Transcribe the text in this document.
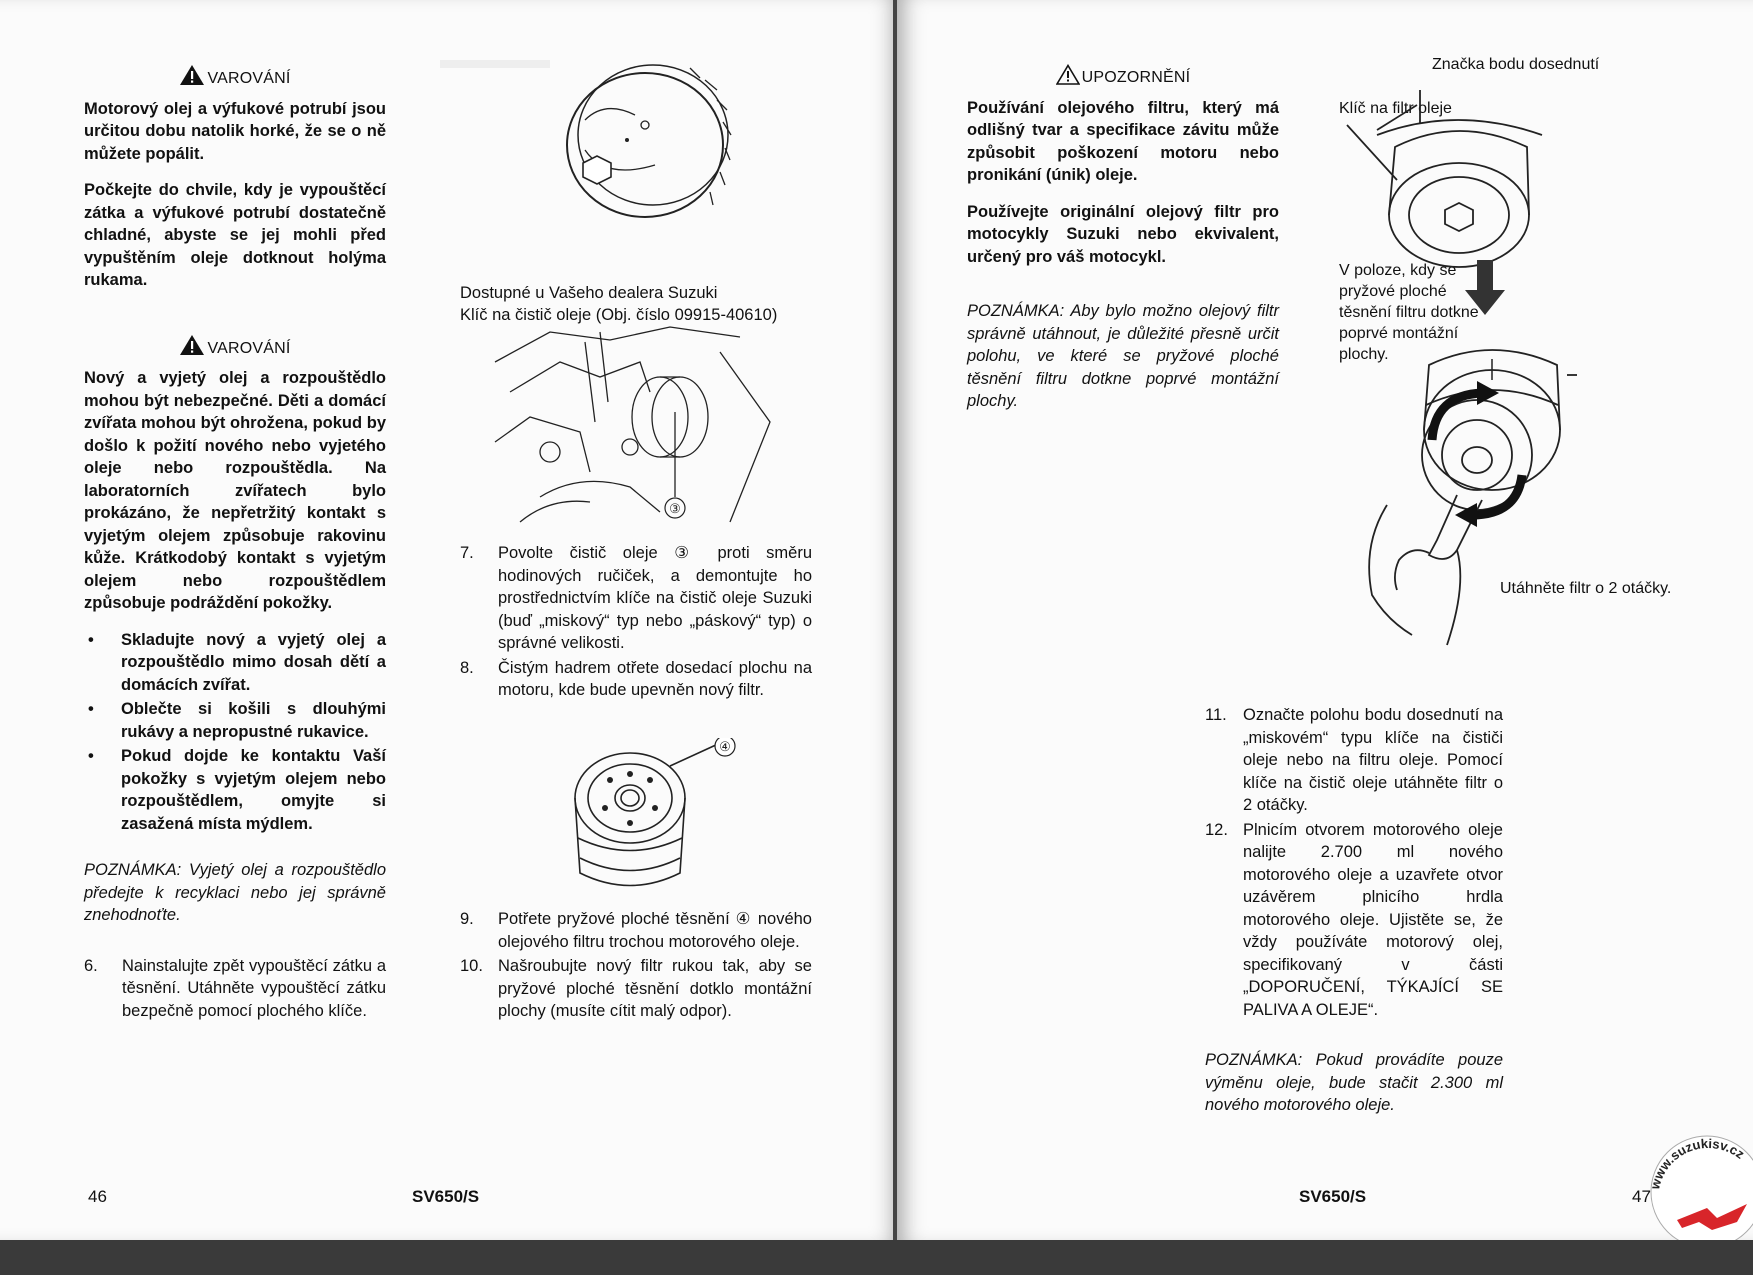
VAROVÁNÍ

Motorový olej a výfukové potrubí jsou určitou dobu natolik horké, že se o ně můžete popálit.

Počkejte do chvile, kdy je vypouštěcí zátka a výfukové potrubí dostatečně chladné, abyste se jej mohli před vypuštěním oleje dotknout holýma rukama.

VAROVÁNÍ

Nový a vyjetý olej a rozpouštědlo mohou být nebezpečné. Děti a domácí zvířata mohou být ohrožena, pokud by došlo k požití nového nebo vyjetého oleje nebo rozpouštědla. Na laboratorních zvířatech bylo prokázáno, že nepřetržitý kontakt s vyjetým olejem způsobuje rakovinu kůže. Krátkodobý kontakt s vyjetým olejem nebo rozpouštědlem způsobuje podráždění pokožky.

• Skladujte nový a vyjetý olej a rozpouštědlo mimo dosah dětí a domácích zvířat.
• Oblečte si košili s dlouhými rukávy a nepropustné rukavice.
• Pokud dojde ke kontaktu Vaší pokožky s vyjetým olejem nebo rozpouštědlem, omyjte si zasažená místa mýdlem.

POZNÁMKA: Vyjetý olej a rozpouštědlo předejte k recyklaci nebo jej správně znehodnoťte.

6.	Nainstalujte zpět vypouštěcí zátku a těsnění. Utáhněte vypouštěcí zátku bezpečně pomocí plochého klíče.
Dostupné u Vašeho dealera Suzuki
Klíč na čistič oleje (Obj. číslo 09915-40610)
③
7.	Povolte čistič oleje ③ proti směru hodinových ručiček, a demontujte ho prostřednictvím klíče na čistič oleje Suzuki (buď „miskový“ typ nebo „páskový“ typ) o správné velikosti.
8.	Čistým hadrem otřete dosedací plochu na motoru, kde bude upevněn nový filtr.
④
9.	Potřete pryžové ploché těsnění ④ nového olejového filtru trochou motorového oleje.
10. Našroubujte nový filtr rukou tak, aby se pryžové ploché těsnění dotklo montážní plochy (musíte cítit malý odpor).
46	SV650/S
UPOZORNĚNÍ

Používání olejového filtru, který má odlišný tvar a specifikace závitu může způsobit poškození motoru nebo pronikání (únik) oleje.

Používejte originální olejový filtr pro motocykly Suzuki nebo ekvivalent, určený pro váš motocykl.

POZNÁMKA: Aby bylo možno olejový filtr správně utáhnout, je důležité přesně určit polohu, ve které se pryžové ploché těsnění filtru dotkne poprvé montážní plochy.

Značka bodu dosednutí
Klíč na filtr oleje
V poloze, kdy se pryžové ploché těsnění filtru dotkne poprvé montážní plochy.
Utáhněte filtr o 2 otáčky.
11. Označte polohu bodu dosednutí na „miskovém“ typu klíče na čističi oleje nebo na filtru oleje. Pomocí klíče na čistič oleje utáhněte filtr o 2 otáčky.
12. Plnicím otvorem motorového oleje nalijte 2.700 ml nového motorového oleje a uzavřete otvor uzávěrem plnicího hrdla motorového oleje. Ujistěte se, že vždy používáte motorový olej, specifikovaný v části „DOPORUČENÍ, TÝKAJÍCÍ SE PALIVA A OLEJE“.

POZNÁMKA: Pokud provádíte pouze výměnu oleje, bude stačit 2.300 ml nového motorového oleje.

SV650/S	47
www.suzukisv.cz
